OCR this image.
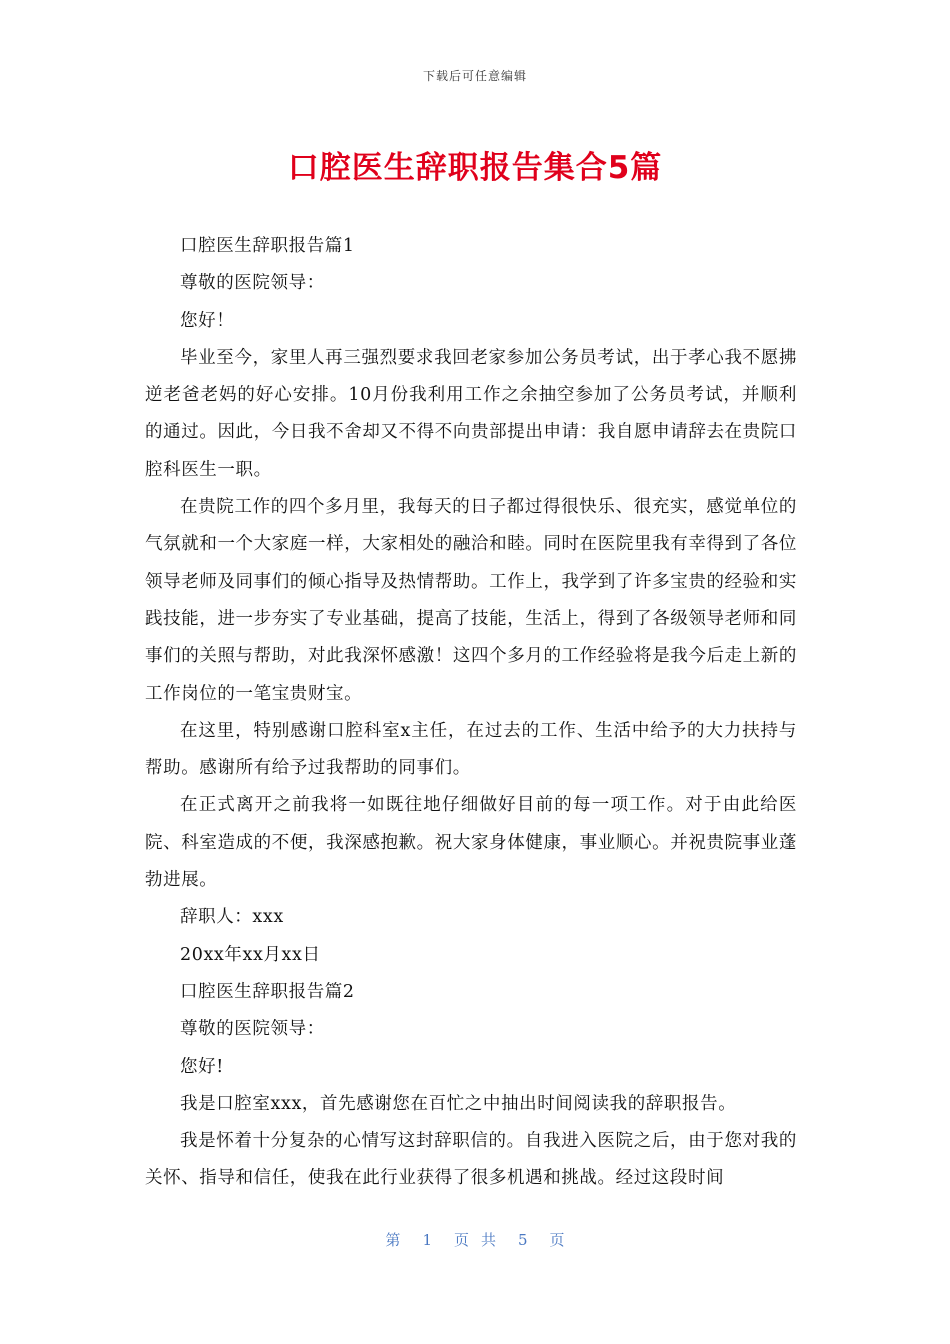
下载后可任意编辑
口腔医生辞职报告集合5篇

口腔医生辞职报告篇1

尊敬的医院领导：

您好！

毕业至今，家里人再三强烈要求我回老家参加公务员考试，出于孝心我不愿拂逆老爸老妈的好心安排。10月份我利用工作之余抽空参加了公务员考试，并顺利的通过。因此，今日我不舍却又不得不向贵部提出申请：我自愿申请辞去在贵院口腔科医生一职。

在贵院工作的四个多月里，我每天的日子都过得很快乐、很充实，感觉单位的气氛就和一个大家庭一样，大家相处的融洽和睦。同时在医院里我有幸得到了各位领导老师及同事们的倾心指导及热情帮助。工作上，我学到了许多宝贵的经验和实践技能，进一步夯实了专业基础，提高了技能，生活上，得到了各级领导老师和同事们的关照与帮助，对此我深怀感激！这四个多月的工作经验将是我今后走上新的工作岗位的一笔宝贵财宝。

在这里，特别感谢口腔科室x主任，在过去的工作、生活中给予的大力扶持与帮助。感谢所有给予过我帮助的同事们。

在正式离开之前我将一如既往地仔细做好目前的每一项工作。对于由此给医院、科室造成的不便，我深感抱歉。祝大家身体健康，事业顺心。并祝贵院事业蓬勃进展。

辞职人：xxx

20xx年xx月xx日

口腔医生辞职报告篇2

尊敬的医院领导：

您好!

我是口腔室xxx，首先感谢您在百忙之中抽出时间阅读我的辞职报告。

我是怀着十分复杂的心情写这封辞职信的。自我进入医院之后，由于您对我的关怀、指导和信任，使我在此行业获得了很多机遇和挑战。经过这段时间

第 1 页共 5 页
